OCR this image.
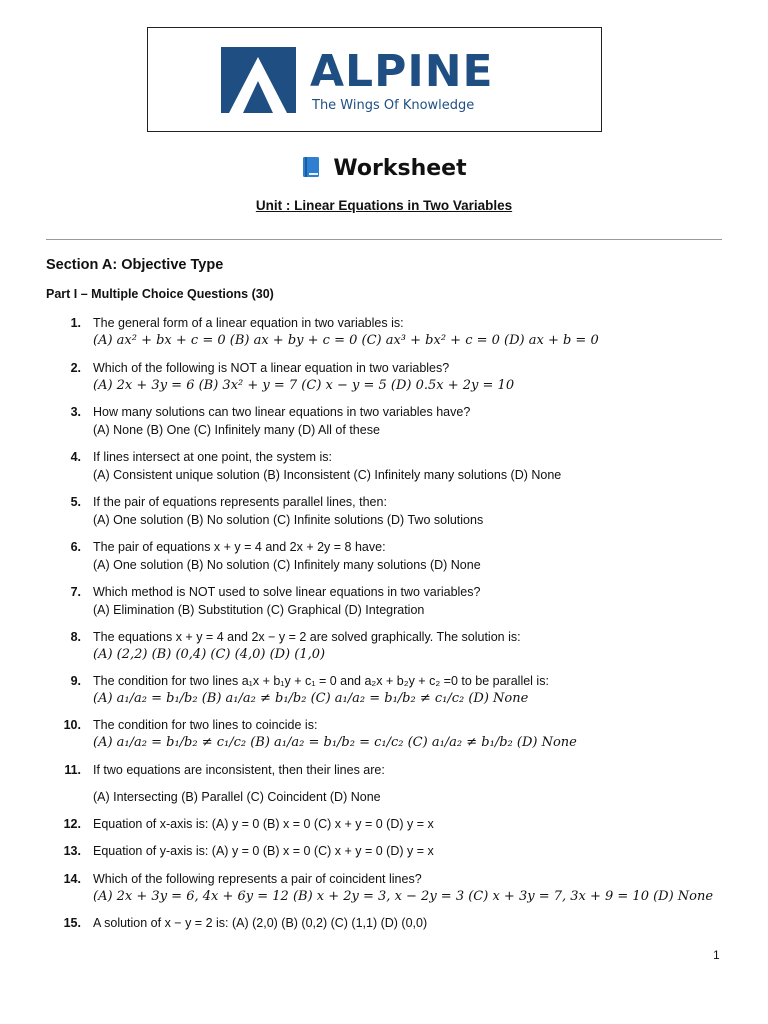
ALPINE
The Wings Of Knowledge
Worksheet
Unit : Linear Equations in Two Variables
Section A: Objective Type
Part I – Multiple Choice Questions (30)
1. The general form of a linear equation in two variables is:
(A) ax² + bx + c = 0 (B) ax + by + c = 0 (C) ax³ + bx² + c = 0 (D) ax + b = 0
2. Which of the following is NOT a linear equation in two variables?
(A) 2x + 3y = 6 (B) 3x² + y = 7 (C) x − y = 5 (D) 0.5x + 2y = 10
3. How many solutions can two linear equations in two variables have?
(A) None (B) One (C) Infinitely many (D) All of these
4. If lines intersect at one point, the system is:
(A) Consistent unique solution (B) Inconsistent (C) Infinitely many solutions (D) None
5. If the pair of equations represents parallel lines, then:
(A) One solution (B) No solution (C) Infinite solutions (D) Two solutions
6. The pair of equations x + y = 4 and 2x + 2y = 8 have:
(A) One solution (B) No solution (C) Infinitely many solutions (D) None
7. Which method is NOT used to solve linear equations in two variables?
(A) Elimination (B) Substitution (C) Graphical (D) Integration
8. The equations x + y = 4 and 2x − y = 2 are solved graphically. The solution is:
(A) (2,2) (B) (0,4) (C) (4,0) (D) (1,0)
9. The condition for two lines a₁x + b₁y + c₁ = 0 and a₂x + b₂y + c₂ =0 to be parallel is:
(A) a₁/a₂ = b₁/b₂ (B) a₁/a₂ ≠ b₁/b₂ (C) a₁/a₂ = b₁/b₂ ≠ c₁/c₂ (D) None
10. The condition for two lines to coincide is:
(A) a₁/a₂ = b₁/b₂ ≠ c₁/c₂ (B) a₁/a₂ = b₁/b₂ = c₁/c₂ (C) a₁/a₂ ≠ b₁/b₂ (D) None
11. If two equations are inconsistent, then their lines are:
(A) Intersecting (B) Parallel (C) Coincident (D) None
12. Equation of x-axis is: (A) y = 0 (B) x = 0 (C) x + y = 0 (D) y = x
13. Equation of y-axis is: (A) y = 0 (B) x = 0 (C) x + y = 0 (D) y = x
14. Which of the following represents a pair of coincident lines?
(A) 2x + 3y = 6, 4x + 6y = 12 (B) x + 2y = 3, x − 2y = 3 (C) x + 3y = 7, 3x + 9 = 10 (D) None
15. A solution of x − y = 2 is: (A) (2,0) (B) (0,2) (C) (1,1) (D) (0,0)
1
